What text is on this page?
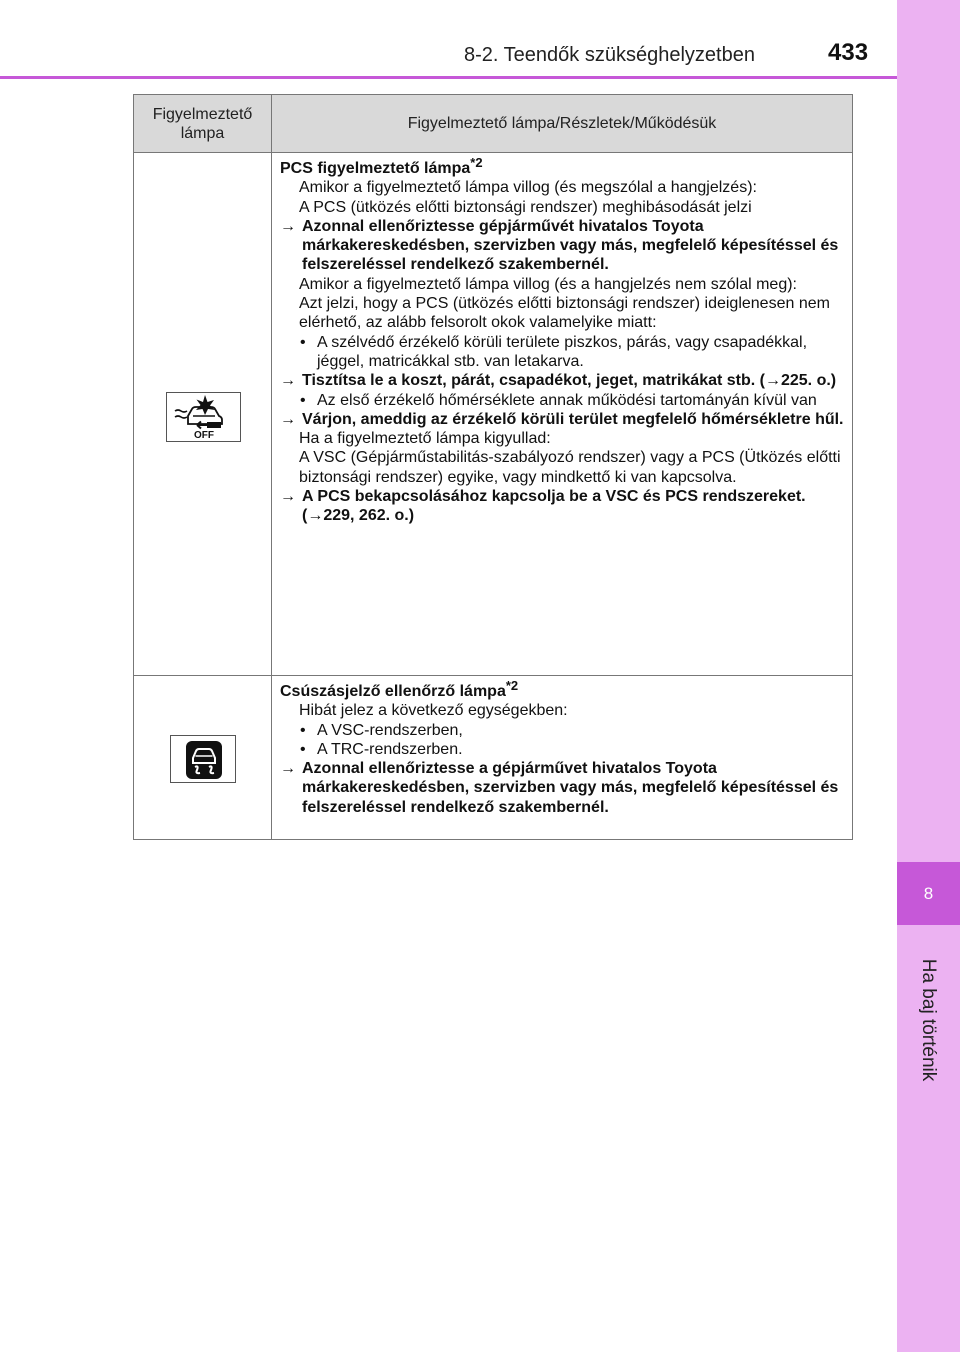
8
Ha baj történik
8-2. Teendők szükséghelyzetben	433
Figyelmeztető lámpa
Figyelmeztető lámpa/Részletek/Működésük
OFF
PCS figyelmeztető lámpa$^{*2}$
Amikor a figyelmeztető lámpa villog (és megszólal a hangjelzés):
A PCS (ütközés előtti biztonsági rendszer) meghibásodását jelzi
→ Azonnal ellenőriztesse gépjárművét hivatalos Toyota márkakereskedésben, szervizben vagy más, megfelelő képesítéssel és felszereléssel rendelkező szakembernél.
Amikor a figyelmeztető lámpa villog (és a hangjelzés nem szólal meg):
Azt jelzi, hogy a PCS (ütközés előtti biztonsági rendszer) ideiglenesen nem elérhető, az alább felsorolt okok valamelyike miatt:
• A szélvédő érzékelő körüli területe piszkos, párás, vagy csapadékkal, jéggel, matricákkal stb. van letakarva.
→ Tisztítsa le a koszt, párát, csapadékot, jeget, matrikákat stb. (→225. o.)
• Az első érzékelő hőmérséklete annak működési tartományán kívül van
→ Várjon, ameddig az érzékelő körüli terület megfelelő hőmérsékletre hűl.
Ha a figyelmeztető lámpa kigyullad:
A VSC (Gépjárműstabilitás-szabályozó rendszer) vagy a PCS (Ütközés előtti biztonsági rendszer) egyike, vagy mindkettő ki van kapcsolva.
→ A PCS bekapcsolásához kapcsolja be a VSC és PCS rendszereket. (→229, 262. o.)
Csúszásjelző ellenőrző lámpa$^{*2}$
Hibát jelez a következő egységekben:
• A VSC-rendszerben,
• A TRC-rendszerben.
→ Azonnal ellenőriztesse a gépjárművet hivatalos Toyota márkakereskedésben, szervizben vagy más, megfelelő képesítéssel és felszereléssel rendelkező szakembernél.
